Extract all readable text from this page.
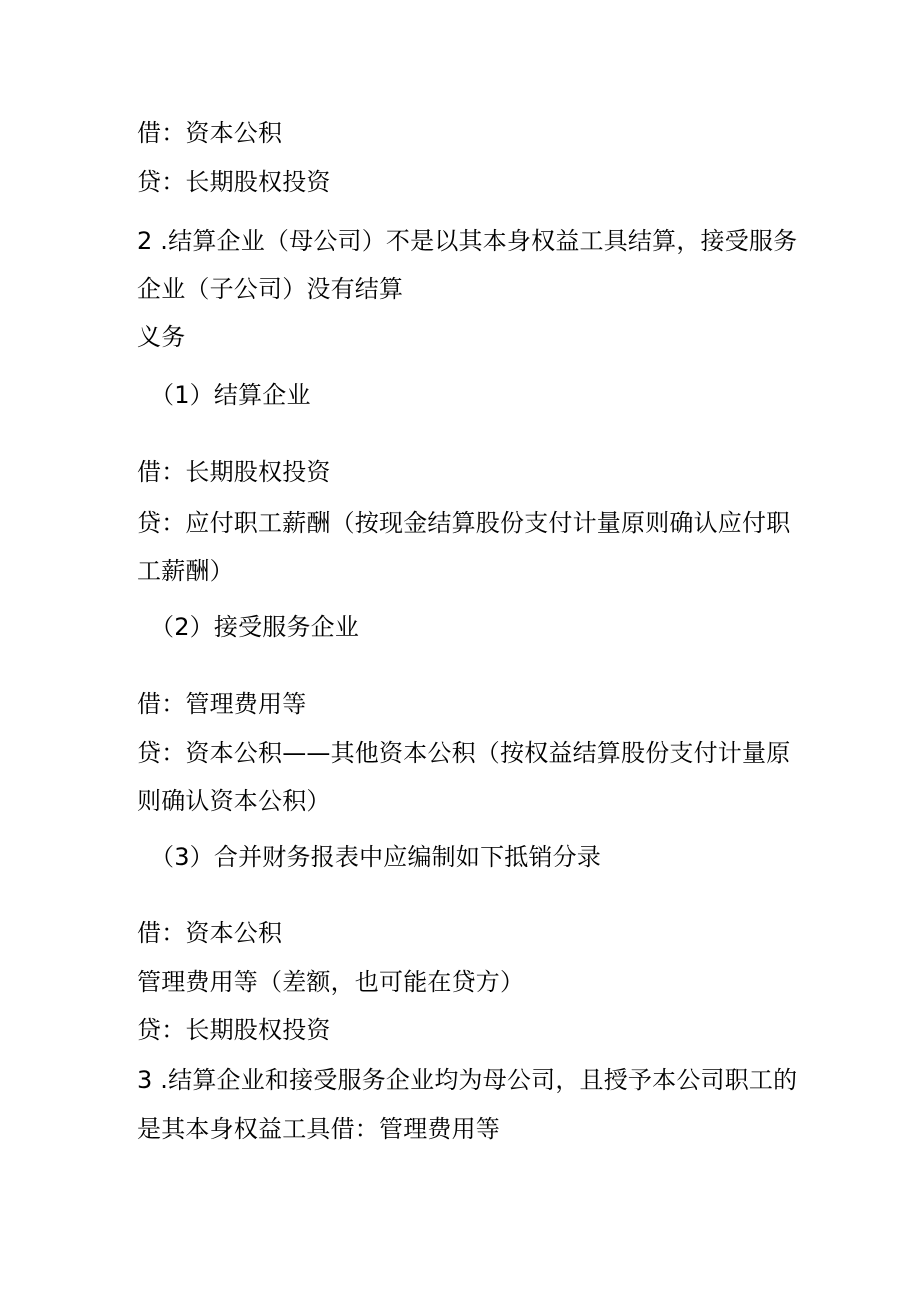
借：资本公积
贷：长期股权投资
2 .结算企业（母公司）不是以其本身权益工具结算，接受服务
企业（子公司）没有结算
义务
（1）结算企业
借：长期股权投资
贷：应付职工薪酬（按现金结算股份支付计量原则确认应付职
工薪酬）
（2）接受服务企业
借：管理费用等
贷：资本公积——其他资本公积（按权益结算股份支付计量原
则确认资本公积）
（3）合并财务报表中应编制如下抵销分录
借：资本公积
管理费用等（差额，也可能在贷方）
贷：长期股权投资
3 .结算企业和接受服务企业均为母公司，且授予本公司职工的
是其本身权益工具借：管理费用等
